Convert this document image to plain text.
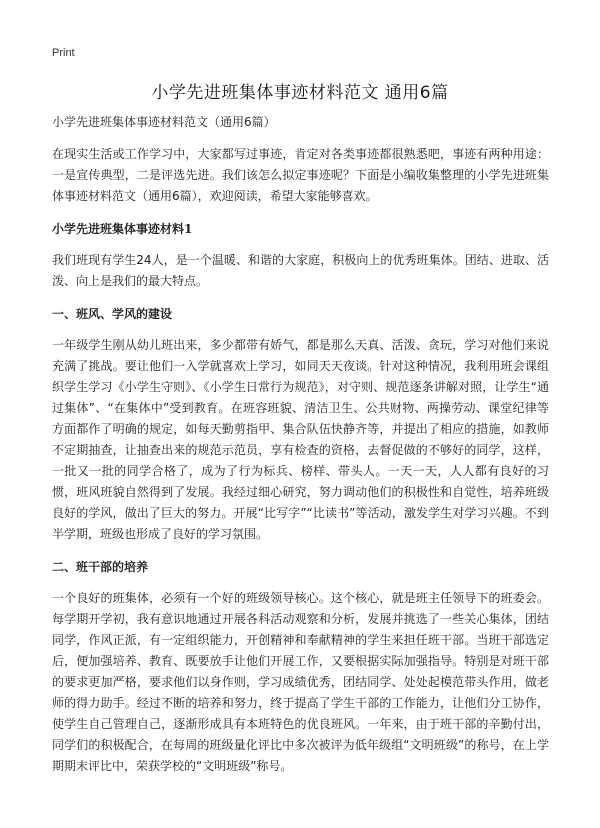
Print
小学先进班集体事迹材料范文 通用6篇

小学先进班集体事迹材料范文（通用6篇）

在现实生活或工作学习中，大家都写过事迹，肯定对各类事迹都很熟悉吧，事迹有两种用途：一是宣传典型，二是评选先进。我们该怎么拟定事迹呢？下面是小编收集整理的小学先进班集体事迹材料范文（通用6篇），欢迎阅读，希望大家能够喜欢。

小学先进班集体事迹材料1

我们班现有学生24人，是一个温暖、和谐的大家庭，积极向上的优秀班集体。团结、进取、活泼、向上是我们的最大特点。

一、班风、学风的建设

一年级学生刚从幼儿班出来，多少都带有娇气，都是那么天真、活泼、贪玩，学习对他们来说充满了挑战。要让他们一入学就喜欢上学习，如同天天夜谈。针对这种情况，我利用班会课组织学生学习《小学生守则》、《小学生日常行为规范》，对守则、规范逐条讲解对照，让学生“通过集体”、“在集体中”受到教育。在班容班貌、清洁卫生、公共财物、两操劳动、课堂纪律等方面都作了明确的规定，如每天勤剪指甲、集合队伍快静齐等，并提出了相应的措施，如教师不定期抽查，让抽查出来的规范示范员，享有检查的资格，去督促做的不够好的同学，这样，一批又一批的同学合格了，成为了行为标兵、榜样、带头人。一天一天，人人都有良好的习惯，班风班貌自然得到了发展。我经过细心研究，努力调动他们的积极性和自觉性，培养班级良好的学风，做出了巨大的努力。开展“比写字”“比读书”等活动，激发学生对学习兴趣。不到半学期，班级也形成了良好的学习氛围。

二、班干部的培养

一个良好的班集体，必须有一个好的班级领导核心。这个核心，就是班主任领导下的班委会。每学期开学初，我有意识地通过开展各科活动观察和分析，发展并挑选了一些关心集体，团结同学，作风正派，有一定组织能力，开创精神和奉献精神的学生来担任班干部。当班干部选定后，便加强培养、教育、既要放手让他们开展工作，又要根据实际加强指导。特别是对班干部的要求更加严格，要求他们以身作则，学习成绩优秀，团结同学、处处起模范带头作用，做老师的得力助手。经过不断的培养和努力，终于提高了学生干部的工作能力，让他们分工协作，使学生自己管理自己，逐渐形成具有本班特色的优良班风。一年来，由于班干部的辛勤付出，同学们的积极配合，在每周的班级量化评比中多次被评为低年级组“文明班级”的称号，在上学期期末评比中，荣获学校的“文明班级”称号。
